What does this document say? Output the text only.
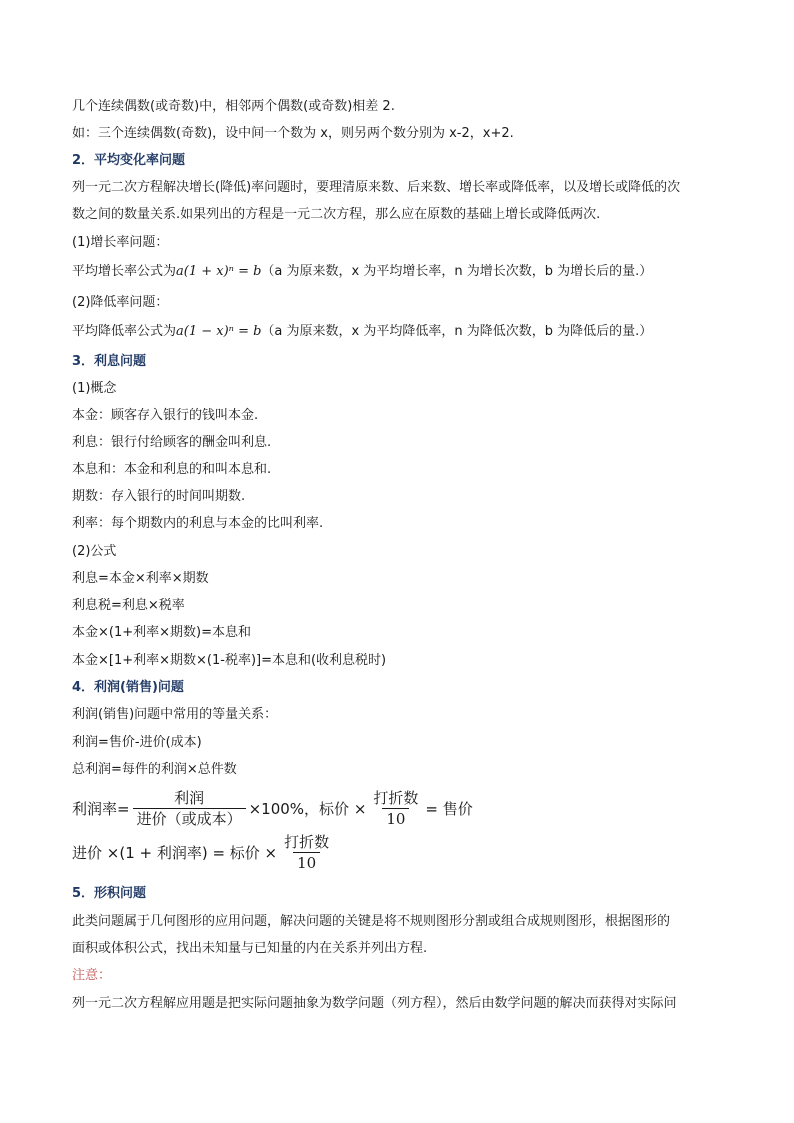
几个连续偶数(或奇数)中，相邻两个偶数(或奇数)相差 2.
如：三个连续偶数(奇数)，设中间一个数为 x，则另两个数分别为 x-2，x+2.
2．平均变化率问题
列一元二次方程解决增长(降低)率问题时，要理清原来数、后来数、增长率或降低率，以及增长或降低的次
数之间的数量关系.如果列出的方程是一元二次方程，那么应在原数的基础上增长或降低两次.
(1)增长率问题：
平均增长率公式为a(1 + x)ⁿ = b（a 为原来数，x 为平均增长率，n 为增长次数，b 为增长后的量.）
(2)降低率问题：
平均降低率公式为a(1 − x)ⁿ = b（a 为原来数，x 为平均降低率，n 为降低次数，b 为降低后的量.）
3．利息问题
(1)概念
本金：顾客存入银行的钱叫本金.
利息：银行付给顾客的酬金叫利息.
本息和：本金和利息的和叫本息和.
期数：存入银行的时间叫期数.
利率：每个期数内的利息与本金的比叫利率.
(2)公式
利息=本金×利率×期数
利息税=利息×税率
本金×(1+利率×期数)=本息和
本金×[1+利率×期数×(1-税率)]=本息和(收利息税时)
4．利润(销售)问题
利润(销售)问题中常用的等量关系：
利润=售价-进价(成本)
总利润=每件的利润×总件数
利润率= $\frac{\text{利润}}{\text{进价（或成本）}} \times 100\%$，标价 × $\frac{\text{打折数}}{10}$ = 售价
进价 ×(1 + 利润率) = 标价 × $\frac{\text{打折数}}{10}$
5．形积问题
此类问题属于几何图形的应用问题，解决问题的关键是将不规则图形分割或组合成规则图形，根据图形的
面积或体积公式，找出未知量与已知量的内在关系并列出方程.
注意：
列一元二次方程解应用题是把实际问题抽象为数学问题（列方程），然后由数学问题的解决而获得对实际问
